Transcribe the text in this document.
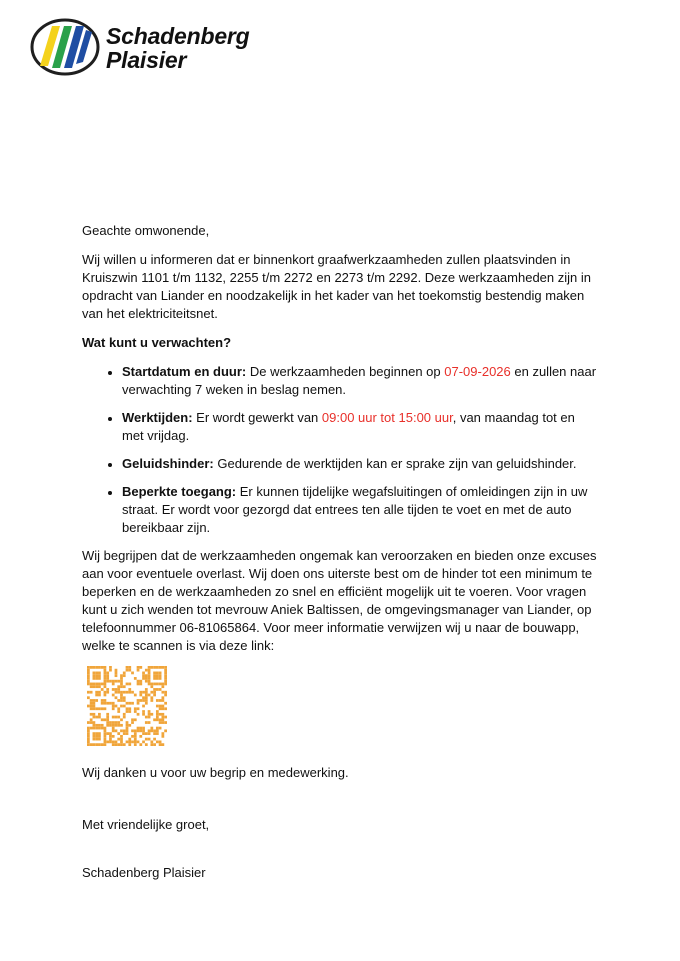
Schadenberg
Plaisier

Geachte omwonende,

Wij willen u informeren dat er binnenkort graafwerkzaamheden zullen plaatsvinden in Kruiszwin 1101 t/m 1132, 2255 t/m 2272 en 2273 t/m 2292. Deze werkzaamheden zijn in opdracht van Liander en noodzakelijk in het kader van het toekomstig bestendig maken van het elektriciteitsnet.

Wat kunt u verwachten?

• Startdatum en duur: De werkzaamheden beginnen op 07-09-2026 en zullen naar verwachting 7 weken in beslag nemen.
• Werktijden: Er wordt gewerkt van 09:00 uur tot 15:00 uur, van maandag tot en met vrijdag.
• Geluidshinder: Gedurende de werktijden kan er sprake zijn van geluidshinder.
• Beperkte toegang: Er kunnen tijdelijke wegafsluitingen of omleidingen zijn in uw straat. Er wordt voor gezorgd dat entrees ten alle tijden te voet en met de auto bereikbaar zijn.

Wij begrijpen dat de werkzaamheden ongemak kan veroorzaken en bieden onze excuses aan voor eventuele overlast. Wij doen ons uiterste best om de hinder tot een minimum te beperken en de werkzaamheden zo snel en efficiënt mogelijk uit te voeren. Voor vragen kunt u zich wenden tot mevrouw Aniek Baltissen, de omgevingsmanager van Liander, op telefoonnummer 06-81065864. Voor meer informatie verwijzen wij u naar de bouwapp, welke te scannen is via deze link:

Wij danken u voor uw begrip en medewerking.

Met vriendelijke groet,

Schadenberg Plaisier
